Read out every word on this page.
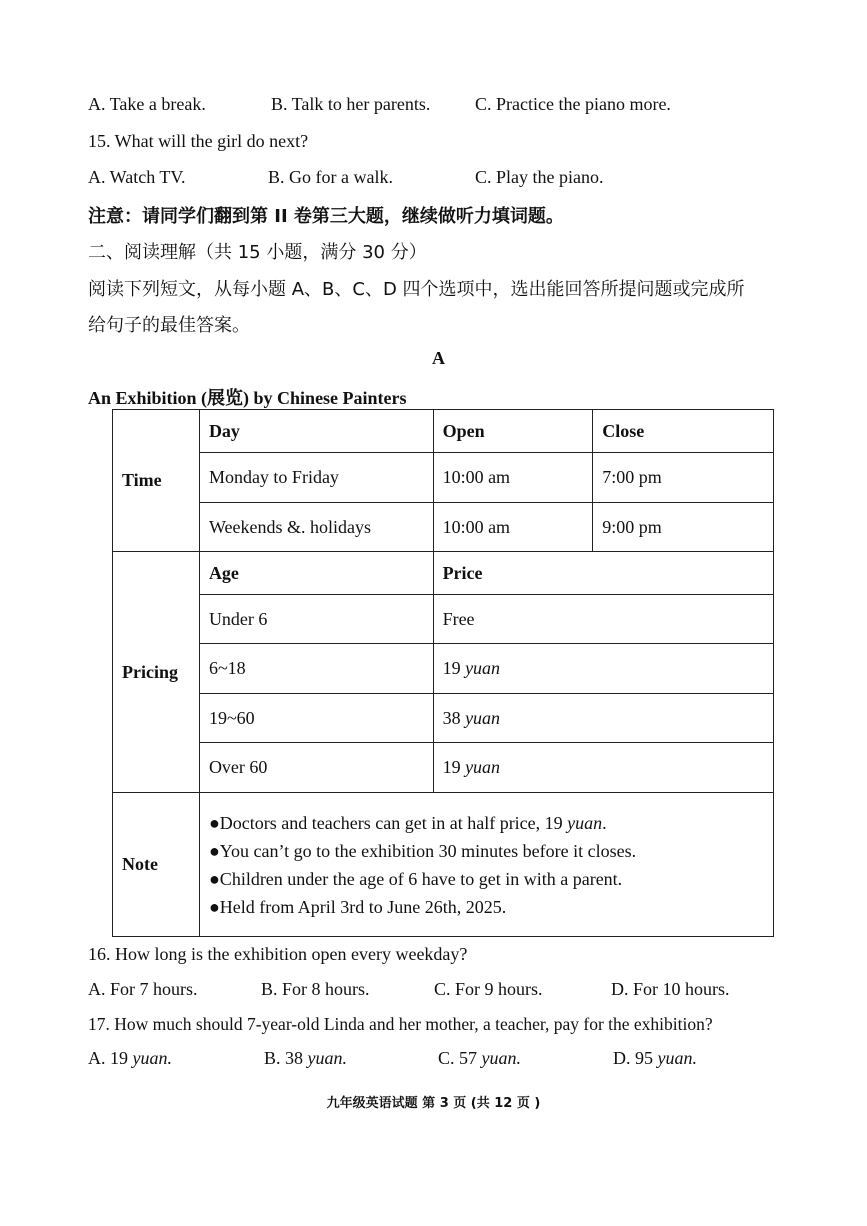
A. Take a break.	B. Talk to her parents. C. Practice the piano more.
15. What will the girl do next?
A. Watch TV.	B. Go for a walk.	C. Play the piano.
注意：请同学们翻到第 II 卷第三大题，继续做听力填词题。
二、阅读理解（共 15 小题，满分 30 分）
阅读下列短文，从每小题 A、B、C、D 四个选项中，选出能回答所提问题或完成所
给句子的最佳答案。
A
An Exhibition (展览) by Chinese Painters
Time	Day	Open	Close
	Monday to Friday	10:00 am	7:00 pm
	Weekends &. holidays	10:00 am	9:00 pm
Pricing	Age	Price	
	Under 6	Free	
	6~18	19 yuan	
	19~60	38 yuan	
	Over 60	19 yuan	
Note	●Doctors and teachers can get in at half price, 19 yuan.
●You can’t go to the exhibition 30 minutes before it closes.
●Children under the age of 6 have to get in with a parent.
●Held from April 3rd to June 26th, 2025.		
16. How long is the exhibition open every weekday?
A. For 7 hours.	B. For 8 hours.	C. For 9 hours.	D. For 10 hours.
17. How much should 7-year-old Linda and her mother, a teacher, pay for the exhibition?
A. 19 yuan.	B. 38 yuan.	C. 57 yuan.	D. 95 yuan.
九年级英语试题 第 3 页 (共 12 页 )
